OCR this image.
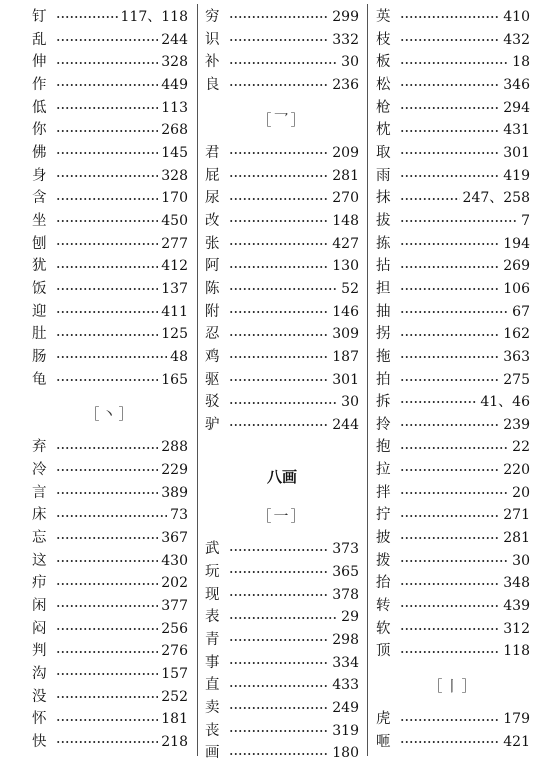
钉	117、118
乱	244
伸	328
作	449
低	113
你	268
佛	145
身	328
含	170
坐	450
刨	277
犹	412
饭	137
迎	411
肚	125
肠	48
龟	165
［丶］
弃	288
冷	229
言	389
床	73
忘	367
这	430
疖	202
闲	377
闷	256
判	276
沟	157
没	252
怀	181
快	218
穷	299
识	332
补	30
良	236
［乛］
君	209
屁	281
尿	270
改	148
张	427
阿	130
陈	52
附	146
忍	309
鸡	187
驱	301
驳	30
驴	244
八画
［一］
武	373
玩	365
现	378
表	29
青	298
事	334
直	433
卖	249
丧	319
画	180
英	410
枝	432
板	18
松	346
枪	294
枕	431
取	301
雨	419
抹	247、258
拔	7
拣	194
拈	269
担	106
抽	67
拐	162
拖	363
拍	275
拆	41、46
拎	239
抱	22
拉	220
拌	20
拧	271
披	281
拨	30
抬	348
转	439
软	312
顶	118
［丨］
虎	179
咂	421
